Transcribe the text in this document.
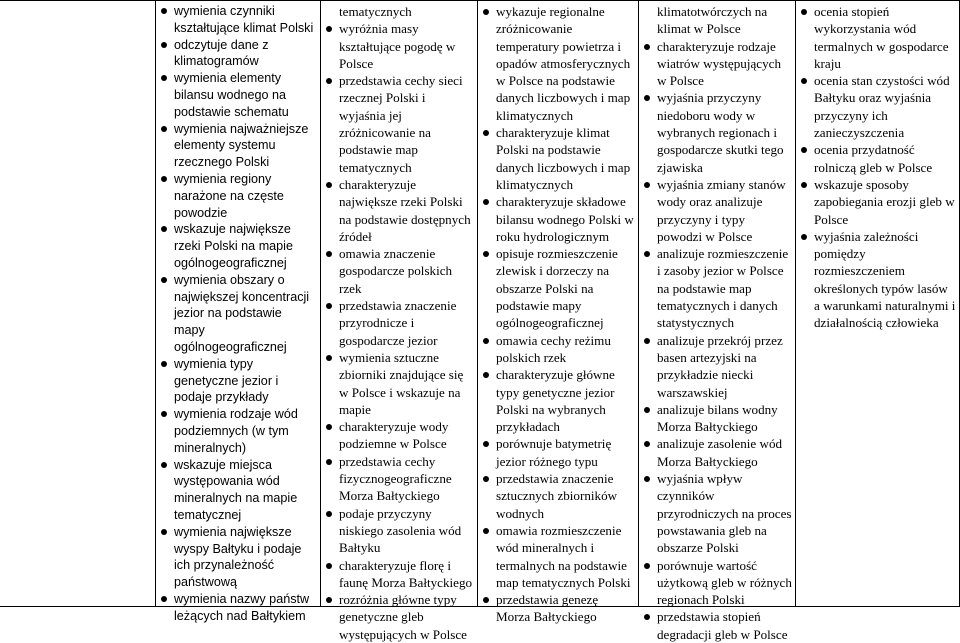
wymienia czynniki kształtujące klimat Polski
odczytuje dane z klimatogramów
wymienia elementy bilansu wodnego na podstawie schematu
wymienia najważniejsze elementy systemu rzecznego Polski
wymienia regiony narażone na częste powodzie
wskazuje największe rzeki Polski na mapie ogólnogeograficznej
wymienia obszary o największej koncentracji jezior na podstawie mapy ogólnogeograficznej
wymienia typy genetyczne jezior i podaje przykłady
wymienia rodzaje wód podziemnych (w tym mineralnych)
wskazuje miejsca występowania wód mineralnych na mapie tematycznej
wymienia największe wyspy Bałtyku i podaje ich przynależność państwową
wymienia nazwy państw leżących nad Bałtykiem
tematycznych
wyróżnia masy kształtujące pogodę w Polsce
przedstawia cechy sieci rzecznej Polski i wyjaśnia jej zróżnicowanie na podstawie map tematycznych
charakteryzuje największe rzeki Polski na podstawie dostępnych źródeł
omawia znaczenie gospodarcze polskich rzek
przedstawia znaczenie przyrodnicze i gospodarcze jezior
wymienia sztuczne zbiorniki znajdujące się w Polsce i wskazuje na mapie
charakteryzuje wody podziemne w Polsce
przedstawia cechy fizycznogeograficzne Morza Bałtyckiego
podaje przyczyny niskiego zasolenia wód Bałtyku
charakteryzuje florę i faunę Morza Bałtyckiego
rozróżnia główne typy genetyczne gleb występujących w Polsce
wykazuje regionalne zróżnicowanie temperatury powietrza i opadów atmosferycznych w Polsce na podstawie danych liczbowych i map klimatycznych
charakteryzuje klimat Polski na podstawie danych liczbowych i map klimatycznych
charakteryzuje składowe bilansu wodnego Polski w roku hydrologicznym
opisuje rozmieszczenie zlewisk i dorzeczy na obszarze Polski na podstawie mapy ogólnogeograficznej
omawia cechy reżimu polskich rzek
charakteryzuje główne typy genetyczne jezior Polski na wybranych przykładach
porównuje batymetrię jezior różnego typu
przedstawia znaczenie sztucznych zbiorników wodnych
omawia rozmieszczenie wód mineralnych i termalnych na podstawie map tematycznych Polski
przedstawia genezę Morza Bałtyckiego
klimatotwórczych na klimat w Polsce
charakteryzuje rodzaje wiatrów występujących w Polsce
wyjaśnia przyczyny niedoboru wody w wybranych regionach i gospodarcze skutki tego zjawiska
wyjaśnia zmiany stanów wody oraz analizuje przyczyny i typy powodzi w Polsce
analizuje rozmieszczenie i zasoby jezior w Polsce na podstawie map tematycznych i danych statystycznych
analizuje przekrój przez basen artezyjski na przykładzie niecki warszawskiej
analizuje bilans wodny Morza Bałtyckiego
analizuje zasolenie wód Morza Bałtyckiego
wyjaśnia wpływ czynników przyrodniczych na proces powstawania gleb na obszarze Polski
porównuje wartość użytkową gleb w różnych regionach Polski
przedstawia stopień degradacji gleb w Polsce
ocenia stopień wykorzystania wód termalnych w gospodarce kraju
ocenia stan czystości wód Bałtyku oraz wyjaśnia przyczyny ich zanieczyszczenia
ocenia przydatność rolniczą gleb w Polsce
wskazuje sposoby zapobiegania erozji gleb w Polsce
wyjaśnia zależności pomiędzy rozmieszczeniem określonych typów lasów a warunkami naturalnymi i działalnością człowieka
